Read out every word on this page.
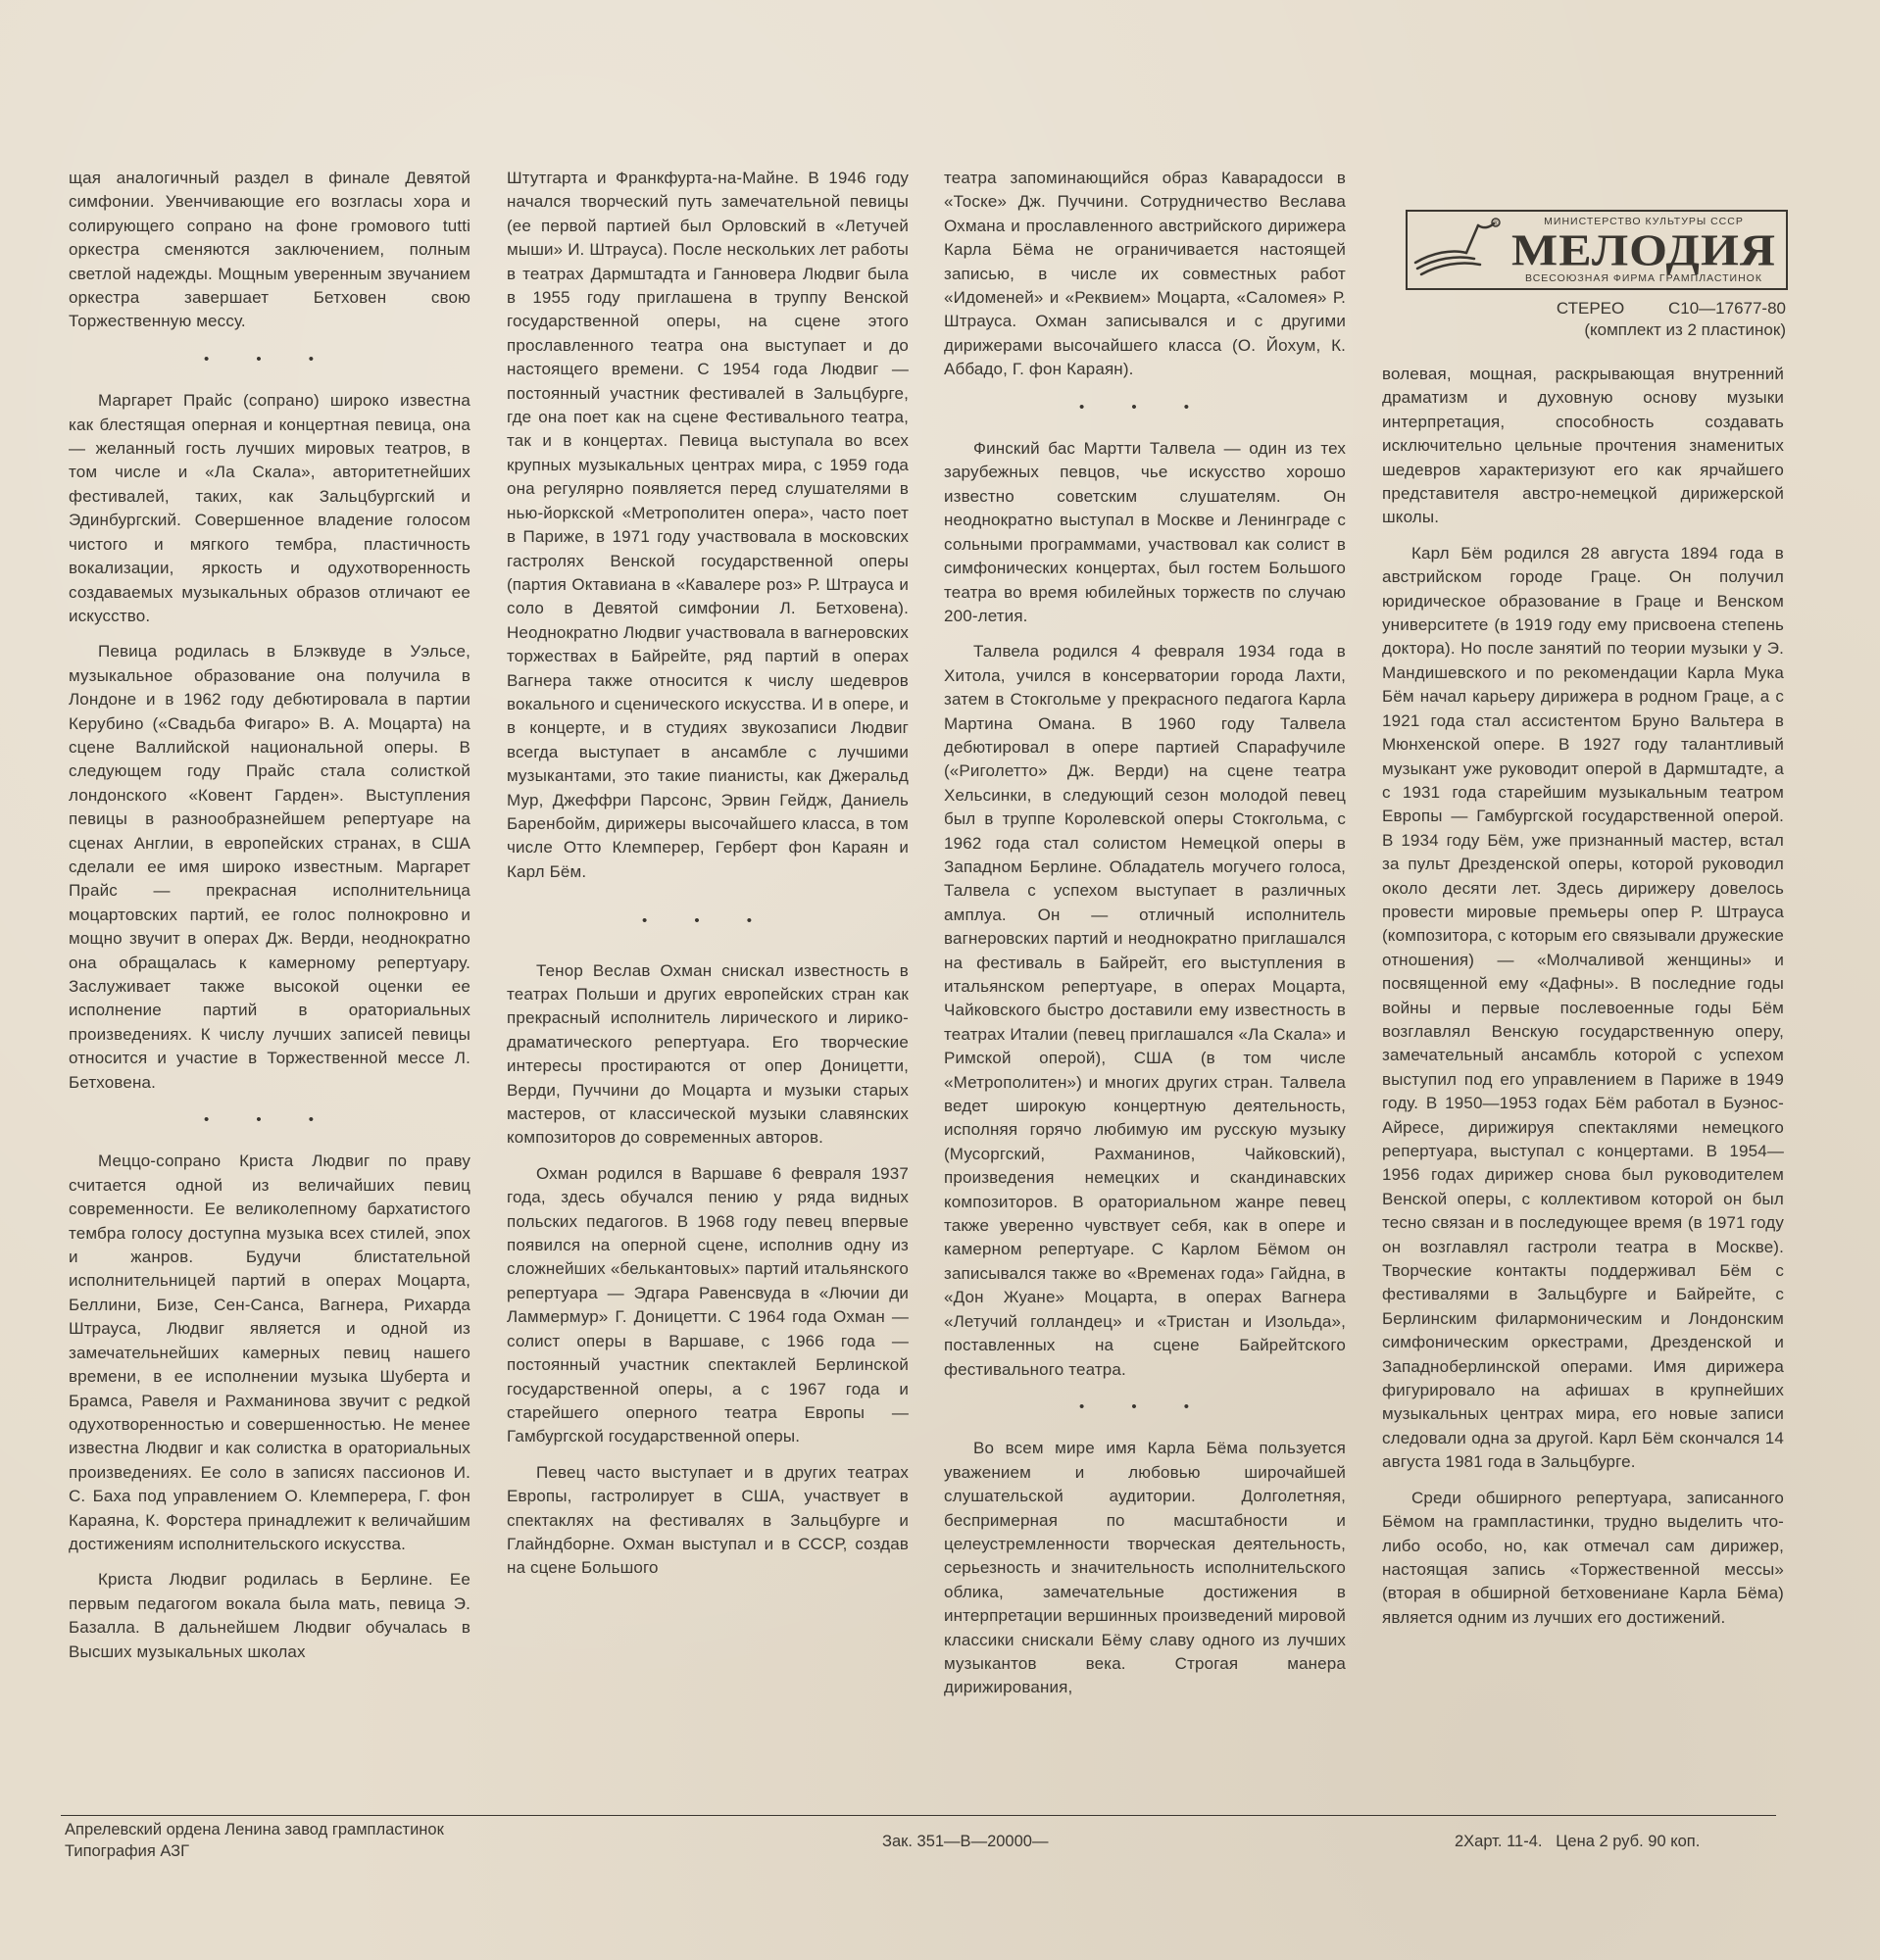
щая аналогичный раздел в финале Девятой симфонии. Увенчивающие его возгласы хора и солирующего сопрано на фоне громового tutti оркестра сменяются заключением, полным светлой надежды. Мощным уверенным звучанием оркестра завершает Бетховен свою Торжественную мессу.

• • •

Маргарет Прайс (сопрано) широко известна как блестящая оперная и концертная певица, она — желанный гость лучших мировых театров, в том числе и «Ла Скала», авторитетнейших фестивалей, таких, как Зальцбургский и Эдинбургский. Совершенное владение голосом чистого и мягкого тембра, пластичность вокализации, яркость и одухотворенность создаваемых музыкальных образов отличают ее искусство.

Певица родилась в Блэквуде в Уэльсе, музыкальное образование она получила в Лондоне и в 1962 году дебютировала в партии Керубино («Свадьба Фигаро» В. А. Моцарта) на сцене Валлийской национальной оперы. В следующем году Прайс стала солисткой лондонского «Ковент Гарден». Выступления певицы в разнообразнейшем репертуаре на сценах Англии, в европейских странах, в США сделали ее имя широко известным. Маргарет Прайс — прекрасная исполнительница моцартовских партий, ее голос полнокровно и мощно звучит в операх Дж. Верди, неоднократно она обращалась к камерному репертуару. Заслуживает также высокой оценки ее исполнение партий в ораториальных произведениях. К числу лучших записей певицы относится и участие в Торжественной мессе Л. Бетховена.

• • •

Меццо-сопрано Криста Людвиг по праву считается одной из величайших певиц современности. Ее великолепному бархатистого тембра голосу доступна музыка всех стилей, эпох и жанров. Будучи блистательной исполнительницей партий в операх Моцарта, Беллини, Бизе, Сен-Санса, Вагнера, Рихарда Штрауса, Людвиг является и одной из замечательнейших камерных певиц нашего времени, в ее исполнении музыка Шуберта и Брамса, Равеля и Рахманинова звучит с редкой одухотворенностью и совершенностью. Не менее известна Людвиг и как солистка в ораториальных произведениях. Ее соло в записях пассионов И. С. Баха под управлением О. Клемперера, Г. фон Караяна, К. Форстера принадлежит к величайшим достижениям исполнительского искусства.

Криста Людвиг родилась в Берлине. Ее первым педагогом вокала была мать, певица Э. Базалла. В дальнейшем Людвиг обучалась в Высших музыкальных школах

Штутгарта и Франкфурта-на-Майне. В 1946 году начался творческий путь замечательной певицы (ее первой партией был Орловский в «Летучей мыши» И. Штрауса). После нескольких лет работы в театрах Дармштадта и Ганновера Людвиг была в 1955 году приглашена в труппу Венской государственной оперы, на сцене этого прославленного театра она выступает и до настоящего времени. С 1954 года Людвиг — постоянный участник фестивалей в Зальцбурге, где она поет как на сцене Фестивального театра, так и в концертах. Певица выступала во всех крупных музыкальных центрах мира, с 1959 года она регулярно появляется перед слушателями в нью-йоркской «Метрополитен опера», часто поет в Париже, в 1971 году участвовала в московских гастролях Венской государственной оперы (партия Октавиана в «Кавалере роз» Р. Штрауса и соло в Девятой симфонии Л. Бетховена). Неоднократно Людвиг участвовала в вагнеровских торжествах в Байрейте, ряд партий в операх Вагнера также относится к числу шедевров вокального и сценического искусства. И в опере, и в концерте, и в студиях звукозаписи Людвиг всегда выступает в ансамбле с лучшими музыкантами, это такие пианисты, как Джеральд Мур, Джеффри Парсонс, Эрвин Гейдж, Даниель Баренбойм, дирижеры высочайшего класса, в том числе Отто Клемперер, Герберт фон Караян и Карл Бём.

• • •

Тенор Веслав Охман снискал известность в театрах Польши и других европейских стран как прекрасный исполнитель лирического и лирико-драматического репертуара. Его творческие интересы простираются от опер Доницетти, Верди, Пуччини до Моцарта и музыки старых мастеров, от классической музыки славянских композиторов до современных авторов.

Охман родился в Варшаве 6 февраля 1937 года, здесь обучался пению у ряда видных польских педагогов. В 1968 году певец впервые появился на оперной сцене, исполнив одну из сложнейших «белькантовых» партий итальянского репертуара — Эдгара Равенсвуда в «Лючии ди Ламмермур» Г. Доницетти. С 1964 года Охман — солист оперы в Варшаве, с 1966 года — постоянный участник спектаклей Берлинской государственной оперы, а с 1967 года и старейшего оперного театра Европы — Гамбургской государственной оперы.

Певец часто выступает и в других театрах Европы, гастролирует в США, участвует в спектаклях на фестивалях в Зальцбурге и Глайндборне. Охман выступал и в СССР, создав на сцене Большого

театра запоминающийся образ Каварадосси в «Тоске» Дж. Пуччини. Сотрудничество Веслава Охмана и прославленного австрийского дирижера Карла Бёма не ограничивается настоящей записью, в числе их совместных работ «Идоменей» и «Реквием» Моцарта, «Саломея» Р. Штрауса. Охман записывался и с другими дирижерами высочайшего класса (О. Йохум, К. Аббадо, Г. фон Караян).

• • •

Финский бас Мартти Талвела — один из тех зарубежных певцов, чье искусство хорошо известно советским слушателям. Он неоднократно выступал в Москве и Ленинграде с сольными программами, участвовал как солист в симфонических концертах, был гостем Большого театра во время юбилейных торжеств по случаю 200-летия.

Талвела родился 4 февраля 1934 года в Хитола, учился в консерватории города Лахти, затем в Стокгольме у прекрасного педагога Карла Мартина Омана. В 1960 году Талвела дебютировал в опере партией Спарафучиле («Риголетто» Дж. Верди) на сцене театра Хельсинки, в следующий сезон молодой певец был в труппе Королевской оперы Стокгольма, с 1962 года стал солистом Немецкой оперы в Западном Берлине. Обладатель могучего голоса, Талвела с успехом выступает в различных амплуа. Он — отличный исполнитель вагнеровских партий и неоднократно приглашался на фестиваль в Байрейт, его выступления в итальянском репертуаре, в операх Моцарта, Чайковского быстро доставили ему известность в театрах Италии (певец приглашался «Ла Скала» и Римской оперой), США (в том числе «Метрополитен») и многих других стран. Талвела ведет широкую концертную деятельность, исполняя горячо любимую им русскую музыку (Мусоргский, Рахманинов, Чайковский), произведения немецких и скандинавских композиторов. В ораториальном жанре певец также уверенно чувствует себя, как в опере и камерном репертуаре. С Карлом Бёмом он записывался также во «Временах года» Гайдна, в «Дон Жуане» Моцарта, в операх Вагнера «Летучий голландец» и «Тристан и Изольда», поставленных на сцене Байрейтского фестивального театра.

• • •

Во всем мире имя Карла Бёма пользуется уважением и любовью широчайшей слушательской аудитории. Долголетняя, беспримерная по масштабности и целеустремленности творческая деятельность, серьезность и значительность исполнительского облика, замечательные достижения в интерпретации вершинных произведений мировой классики снискали Бёму славу одного из лучших музыкантов века. Строгая манера дирижирования,

®	МИНИСТЕРСТВО КУЛЬТУРЫ СССР
МЕЛОДИЯ
ВСЕСОЮЗНАЯ ФИРМА ГРАМПЛАСТИНОК
СТЕРЕО	С10—17677-80
(комплект из 2 пластинок)

волевая, мощная, раскрывающая внутренний драматизм и духовную основу музыки интерпретация, способность создавать исключительно цельные прочтения знаменитых шедевров характеризуют его как ярчайшего представителя австро-немецкой дирижерской школы.

Карл Бём родился 28 августа 1894 года в австрийском городе Граце. Он получил юридическое образование в Граце и Венском университете (в 1919 году ему присвоена степень доктора). Но после занятий по теории музыки у Э. Мандишевского и по рекомендации Карла Мука Бём начал карьеру дирижера в родном Граце, а с 1921 года стал ассистентом Бруно Вальтера в Мюнхенской опере. В 1927 году талантливый музыкант уже руководит оперой в Дармштадте, а с 1931 года старейшим музыкальным театром Европы — Гамбургской государственной оперой. В 1934 году Бём, уже признанный мастер, встал за пульт Дрезденской оперы, которой руководил около десяти лет. Здесь дирижеру довелось провести мировые премьеры опер Р. Штрауса (композитора, с которым его связывали дружеские отношения) — «Молчаливой женщины» и посвященной ему «Дафны». В последние годы войны и первые послевоенные годы Бём возглавлял Венскую государственную оперу, замечательный ансамбль которой с успехом выступил под его управлением в Париже в 1949 году. В 1950—1953 годах Бём работал в Буэнос-Айресе, дирижируя спектаклями немецкого репертуара, выступал с концертами. В 1954—1956 годах дирижер снова был руководителем Венской оперы, с коллективом которой он был тесно связан и в последующее время (в 1971 году он возглавлял гастроли театра в Москве). Творческие контакты поддерживал Бём с фестивалями в Зальцбурге и Байрейте, с Берлинским филармоническим и Лондонским симфоническим оркестрами, Дрезденской и Западноберлинской операми. Имя дирижера фигурировало на афишах в крупнейших музыкальных центрах мира, его новые записи следовали одна за другой. Карл Бём скончался 14 августа 1981 года в Зальцбурге.

Среди обширного репертуара, записанного Бёмом на грампластинки, трудно выделить что-либо особо, но, как отмечал сам дирижер, настоящая запись «Торжественной мессы» (вторая в обширной бетховениане Карла Бёма) является одним из лучших его достижений.

Апрелевский ордена Ленина завод грампластинок
Типография АЗГ
Зак. 351—В—20000—	2Харт. 11-4. Цена 2 руб. 90 коп.
